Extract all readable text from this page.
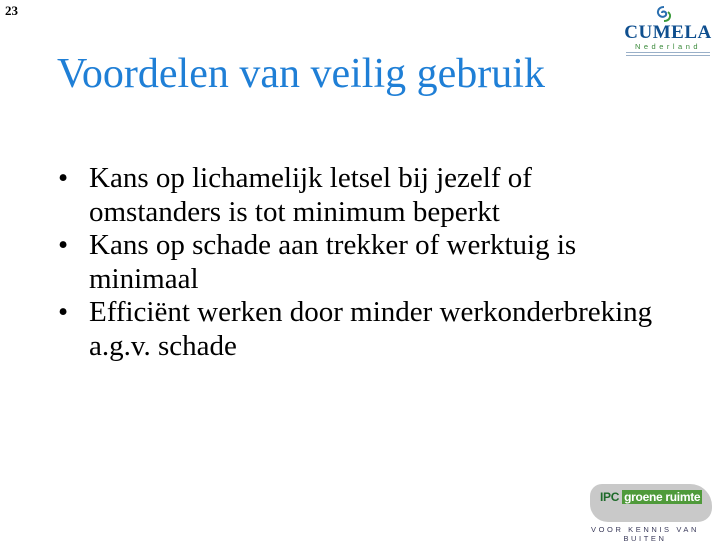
23
CUMELA
Nederland
Voordelen van veilig gebruik
• Kans op lichamelijk letsel bij jezelf of omstanders is tot minimum beperkt
• Kans op schade aan trekker of werktuig is minimaal
• Efficiënt werken door minder werkonderbreking a.g.v. schade
IPC groene ruimte
VOOR KENNIS VAN BUITEN
